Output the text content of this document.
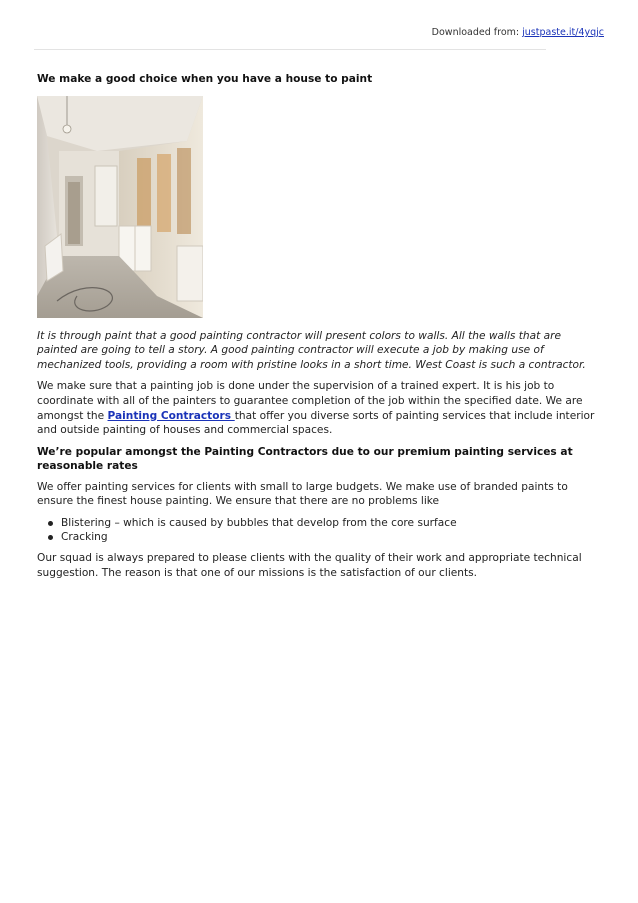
Downloaded from: justpaste.it/4yqjc
We make a good choice when you have a house to paint

It is through paint that a good painting contractor will present colors to walls. All the walls that are painted are going to tell a story. A good painting contractor will execute a job by making use of mechanized tools, providing a room with pristine looks in a short time. West Coast is such a contractor.

We make sure that a painting job is done under the supervision of a trained expert. It is his job to coordinate with all of the painters to guarantee completion of the job within the specified date. We are amongst the Painting Contractors that offer you diverse sorts of painting services that include interior and outside painting of houses and commercial spaces.

We’re popular amongst the Painting Contractors due to our premium painting services at reasonable rates

We offer painting services for clients with small to large budgets. We make use of branded paints to ensure the finest house painting. We ensure that there are no problems like

Blistering – which is caused by bubbles that develop from the core surface
Cracking

Our squad is always prepared to please clients with the quality of their work and appropriate technical suggestion. The reason is that one of our missions is the satisfaction of our clients.
